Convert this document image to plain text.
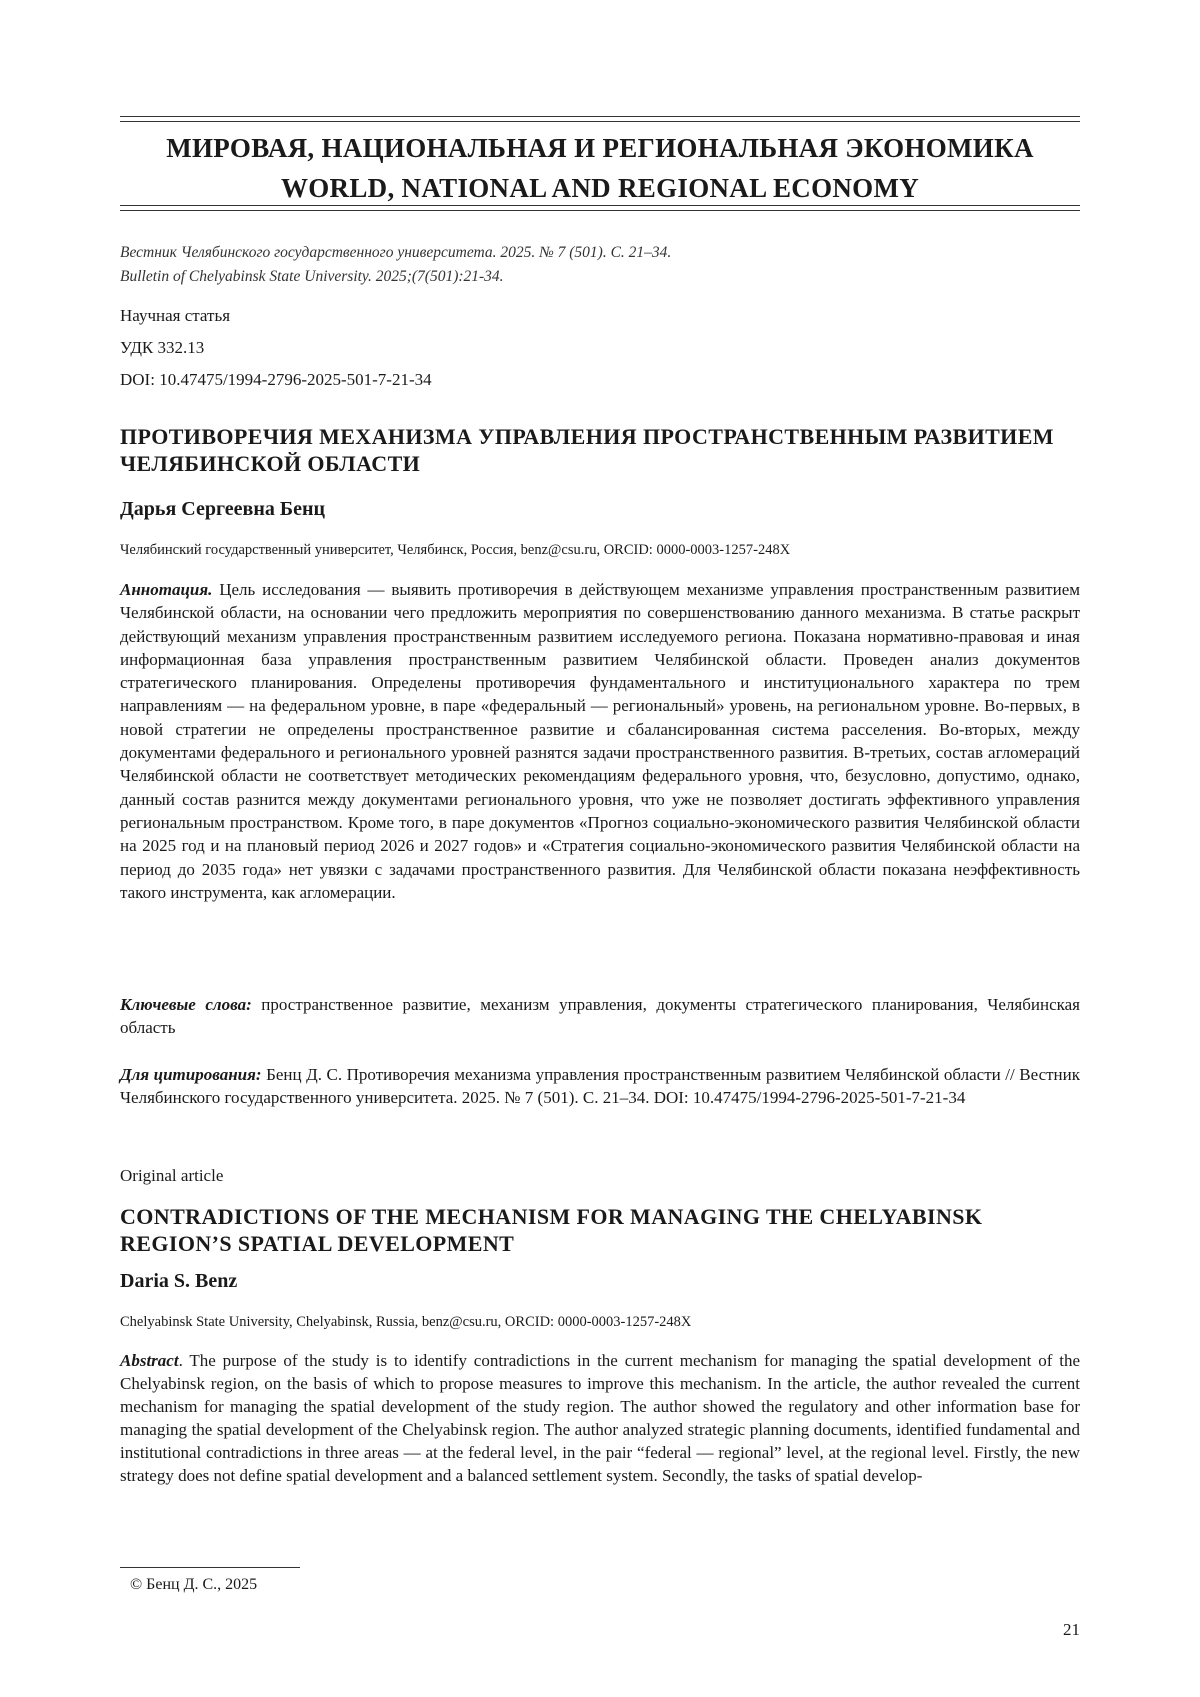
МИРОВАЯ, НАЦИОНАЛЬНАЯ И РЕГИОНАЛЬНАЯ ЭКОНОМИКА
WORLD, NATIONAL AND REGIONAL ECONOMY
Вестник Челябинского государственного университета. 2025. № 7 (501). С. 21–34.
Bulletin of Chelyabinsk State University. 2025;(7(501):21-34.
Научная статья
УДК 332.13
DOI: 10.47475/1994-2796-2025-501-7-21-34
ПРОТИВОРЕЧИЯ МЕХАНИЗМА УПРАВЛЕНИЯ ПРОСТРАНСТВЕННЫМ РАЗВИТИЕМ ЧЕЛЯБИНСКОЙ ОБЛАСТИ
Дарья Сергеевна Бенц
Челябинский государственный университет, Челябинск, Россия, benz@csu.ru, ORCID: 0000-0003-1257-248X
Аннотация. Цель исследования — выявить противоречия в действующем механизме управления пространственным развитием Челябинской области, на основании чего предложить мероприятия по совершенствованию данного механизма. В статье раскрыт действующий механизм управления пространственным развитием исследуемого региона. Показана нормативно-правовая и иная информационная база управления пространственным развитием Челябинской области. Проведен анализ документов стратегического планирования. Определены противоречия фундаментального и институционального характера по трем направлениям — на федеральном уровне, в паре «федеральный — региональный» уровень, на региональном уровне. Во-первых, в новой стратегии не определены пространственное развитие и сбалансированная система расселения. Во-вторых, между документами федерального и регионального уровней разнятся задачи пространственного развития. В-третьих, состав агломераций Челябинской области не соответствует методических рекомендациям федерального уровня, что, безусловно, допустимо, однако, данный состав разнится между документами регионального уровня, что уже не позволяет достигать эффективного управления региональным пространством. Кроме того, в паре документов «Прогноз социально-экономического развития Челябинской области на 2025 год и на плановый период 2026 и 2027 годов» и «Стратегия социально-экономического развития Челябинской области на период до 2035 года» нет увязки с задачами пространственного развития. Для Челябинской области показана неэффективность такого инструмента, как агломерации.
Ключевые слова: пространственное развитие, механизм управления, документы стратегического планирования, Челябинская область
Для цитирования: Бенц Д. С. Противоречия механизма управления пространственным развитием Челябинской области // Вестник Челябинского государственного университета. 2025. № 7 (501). С. 21–34. DOI: 10.47475/1994-2796-2025-501-7-21-34
Original article
CONTRADICTIONS OF THE MECHANISM FOR MANAGING THE CHELYABINSK REGION’S SPATIAL DEVELOPMENT
Daria S. Benz
Chelyabinsk State University, Chelyabinsk, Russia, benz@csu.ru, ORCID: 0000-0003-1257-248X
Abstract. The purpose of the study is to identify contradictions in the current mechanism for managing the spatial development of the Chelyabinsk region, on the basis of which to propose measures to improve this mechanism. In the article, the author revealed the current mechanism for managing the spatial development of the study region. The author showed the regulatory and other information base for managing the spatial development of the Chelyabinsk region. The author analyzed strategic planning documents, identified fundamental and institutional contradictions in three areas — at the federal level, in the pair “federal — regional” level, at the regional level. Firstly, the new strategy does not define spatial development and a balanced settlement system. Secondly, the tasks of spatial develop-
© Бенц Д. С., 2025
21
